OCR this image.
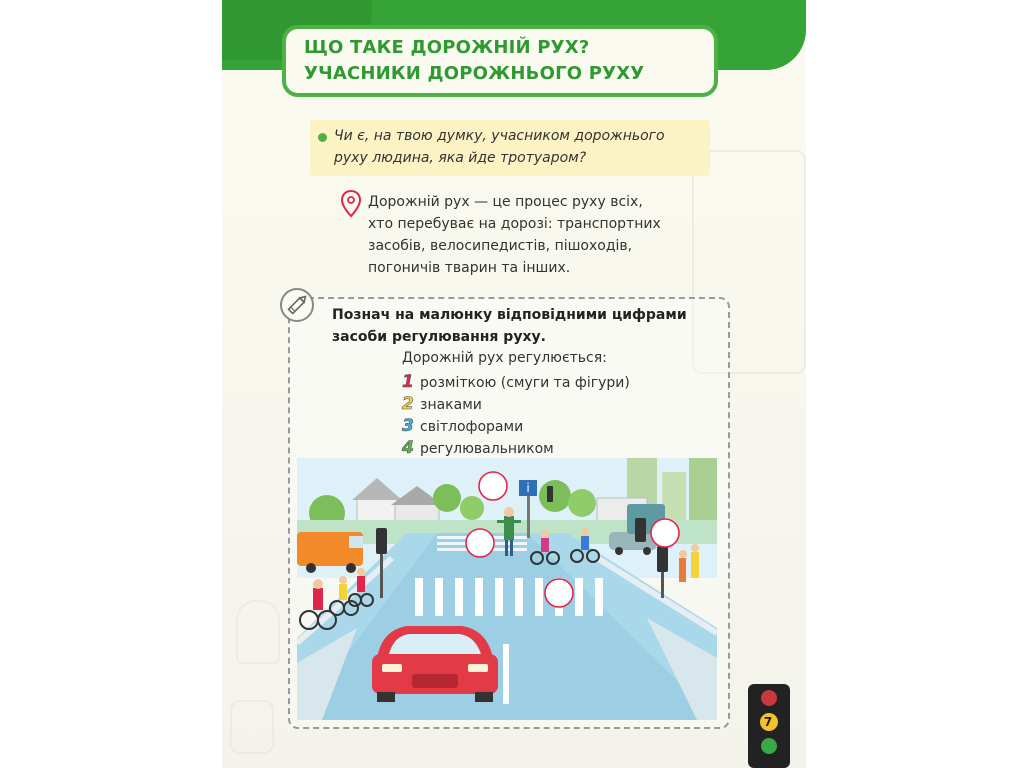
ЩО ТАКЕ ДОРОЖНІЙ РУХ?
УЧАСНИКИ ДОРОЖНЬОГО РУХУ
Чи є, на твою думку, учасником дорожнього
руху людина, яка йде тротуаром?
Дорожній рух — це процес руху всіх,
хто перебуває на дорозі: транспортних
засобів, велосипедистів, пішоходів,
погоничів тварин та інших.
Познач на малюнку відповідними цифрами
засоби регулювання руху.
Дорожній рух регулюється:
1 розміткою (смуги та фігури)
2 знаками
3 світлофорами
4 регулювальником
i
7
